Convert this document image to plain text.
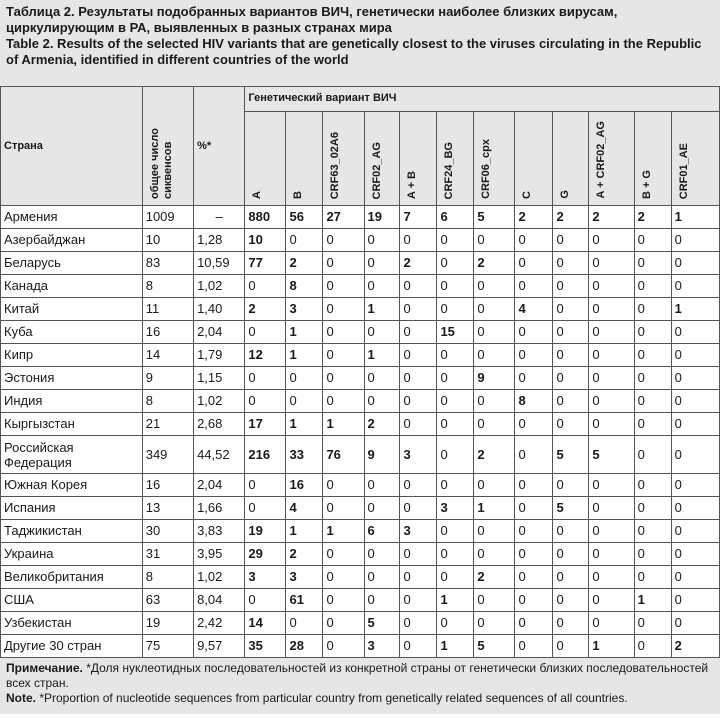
Таблица 2. Результаты подобранных вариантов ВИЧ, генетически наиболее близких вирусам, циркулирующим в РА, выявленных в разных странах мира
Table 2. Results of the selected HIV variants that are genetically closest to the viruses circulating in the Republic of Armenia, identified in different countries of the world
Страна	общее число сиквенсов	%*	Генетический вариант ВИЧ											
			A	B	CRF63_02A6	CRF02_AG	A + B	CRF24_BG	CRF06_cpx	C	G	A + CRF02_AG	B + G	CRF01_AE
Армения	1009	–	880	56	27	19	7	6	5	2	2	2	2	1
Азербайджан	10	1,28	10	0	0	0	0	0	0	0	0	0	0	0
Беларусь	83	10,59	77	2	0	0	2	0	2	0	0	0	0	0
Канада	8	1,02	0	8	0	0	0	0	0	0	0	0	0	0
Китай	11	1,40	2	3	0	1	0	0	0	4	0	0	0	1
Куба	16	2,04	0	1	0	0	0	15	0	0	0	0	0	0
Кипр	14	1,79	12	1	0	1	0	0	0	0	0	0	0	0
Эстония	9	1,15	0	0	0	0	0	0	9	0	0	0	0	0
Индия	8	1,02	0	0	0	0	0	0	0	8	0	0	0	0
Кыргызстан	21	2,68	17	1	1	2	0	0	0	0	0	0	0	0
Российская Федерация	349	44,52	216	33	76	9	3	0	2	0	5	5	0	0
Южная Корея	16	2,04	0	16	0	0	0	0	0	0	0	0	0	0
Испания	13	1,66	0	4	0	0	0	3	1	0	5	0	0	0
Таджикистан	30	3,83	19	1	1	6	3	0	0	0	0	0	0	0
Украина	31	3,95	29	2	0	0	0	0	0	0	0	0	0	0
Великобритания	8	1,02	3	3	0	0	0	0	2	0	0	0	0	0
США	63	8,04	0	61	0	0	0	1	0	0	0	0	1	0
Узбекистан	19	2,42	14	0	0	5	0	0	0	0	0	0	0	0
Другие 30 стран	75	9,57	35	28	0	3	0	1	5	0	0	1	0	2
Примечание. *Доля нуклеотидных последовательностей из конкретной страны от генетически близких последовательностей всех стран.
Note. *Proportion of nucleotide sequences from particular country from genetically related sequences of all countries.
